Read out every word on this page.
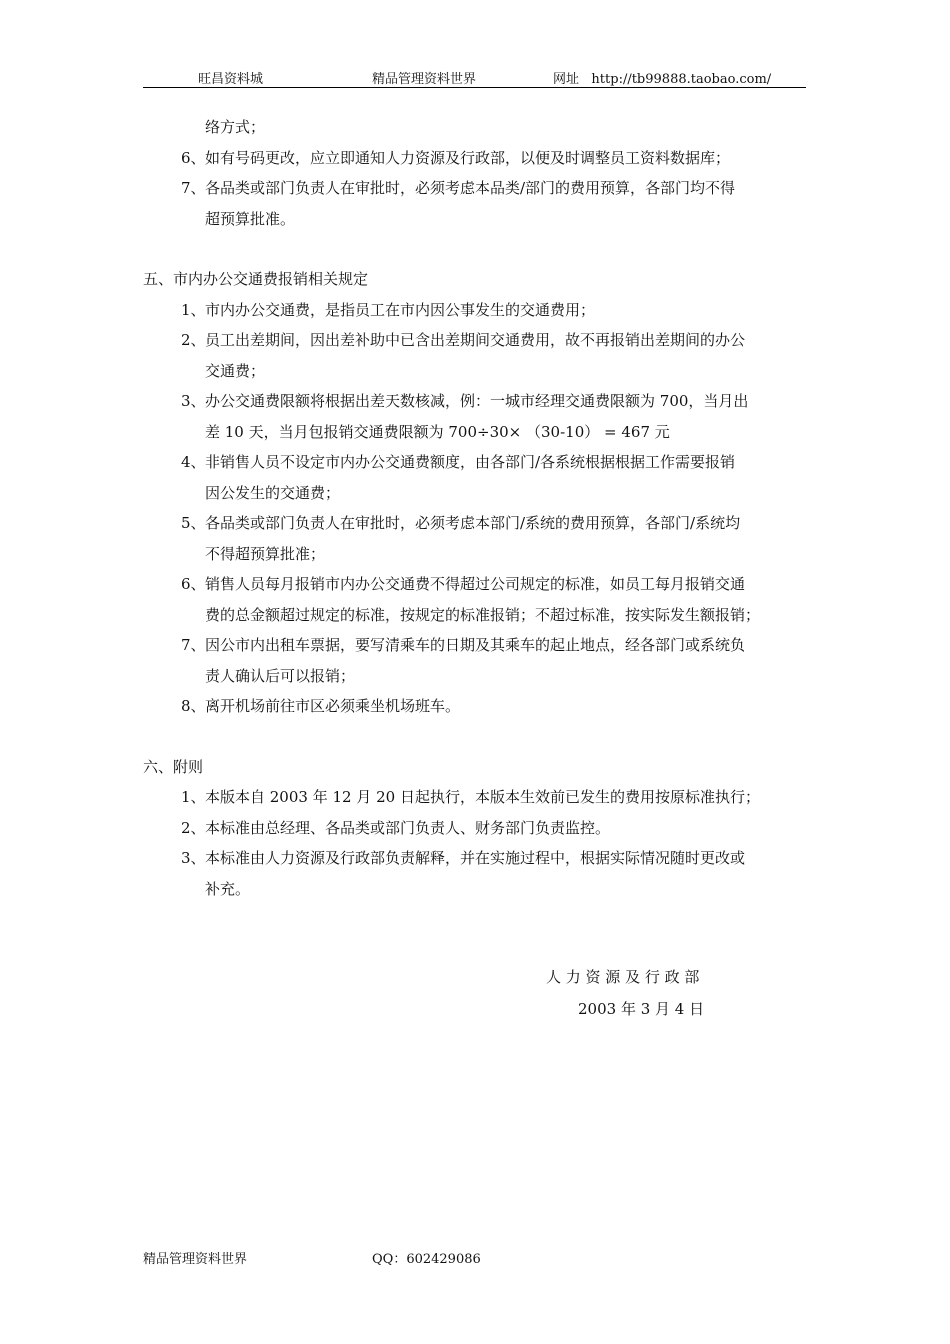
旺昌资料城	精品管理资料世界	网址 http://tb99888.taobao.com/
络方式；
6、如有号码更改，应立即通知人力资源及行政部，以便及时调整员工资料数据库；
7、各品类或部门负责人在审批时，必须考虑本品类/部门的费用预算，各部门均不得
超预算批准。
五、市内办公交通费报销相关规定
1、市内办公交通费，是指员工在市内因公事发生的交通费用；
2、员工出差期间，因出差补助中已含出差期间交通费用，故不再报销出差期间的办公
交通费；
3、办公交通费限额将根据出差天数核减，例：一城市经理交通费限额为 700，当月出
差 10 天，当月包报销交通费限额为 700÷30× （30-10） = 467 元
4、非销售人员不设定市内办公交通费额度，由各部门/各系统根据根据工作需要报销
因公发生的交通费；
5、各品类或部门负责人在审批时，必须考虑本部门/系统的费用预算，各部门/系统均
不得超预算批准；
6、销售人员每月报销市内办公交通费不得超过公司规定的标准，如员工每月报销交通
费的总金额超过规定的标准，按规定的标准报销；不超过标准，按实际发生额报销；
7、因公市内出租车票据，要写清乘车的日期及其乘车的起止地点，经各部门或系统负
责人确认后可以报销；
8、离开机场前往市区必须乘坐机场班车。
六、附则
1、本版本自 2003 年 12 月 20 日起执行，本版本生效前已发生的费用按原标准执行；
2、本标准由总经理、各品类或部门负责人、财务部门负责监控。
3、本标准由人力资源及行政部负责解释，并在实施过程中，根据实际情况随时更改或
补充。
人 力 资 源 及 行 政 部
2003 年 3 月 4 日
精品管理资料世界	QQ：602429086
